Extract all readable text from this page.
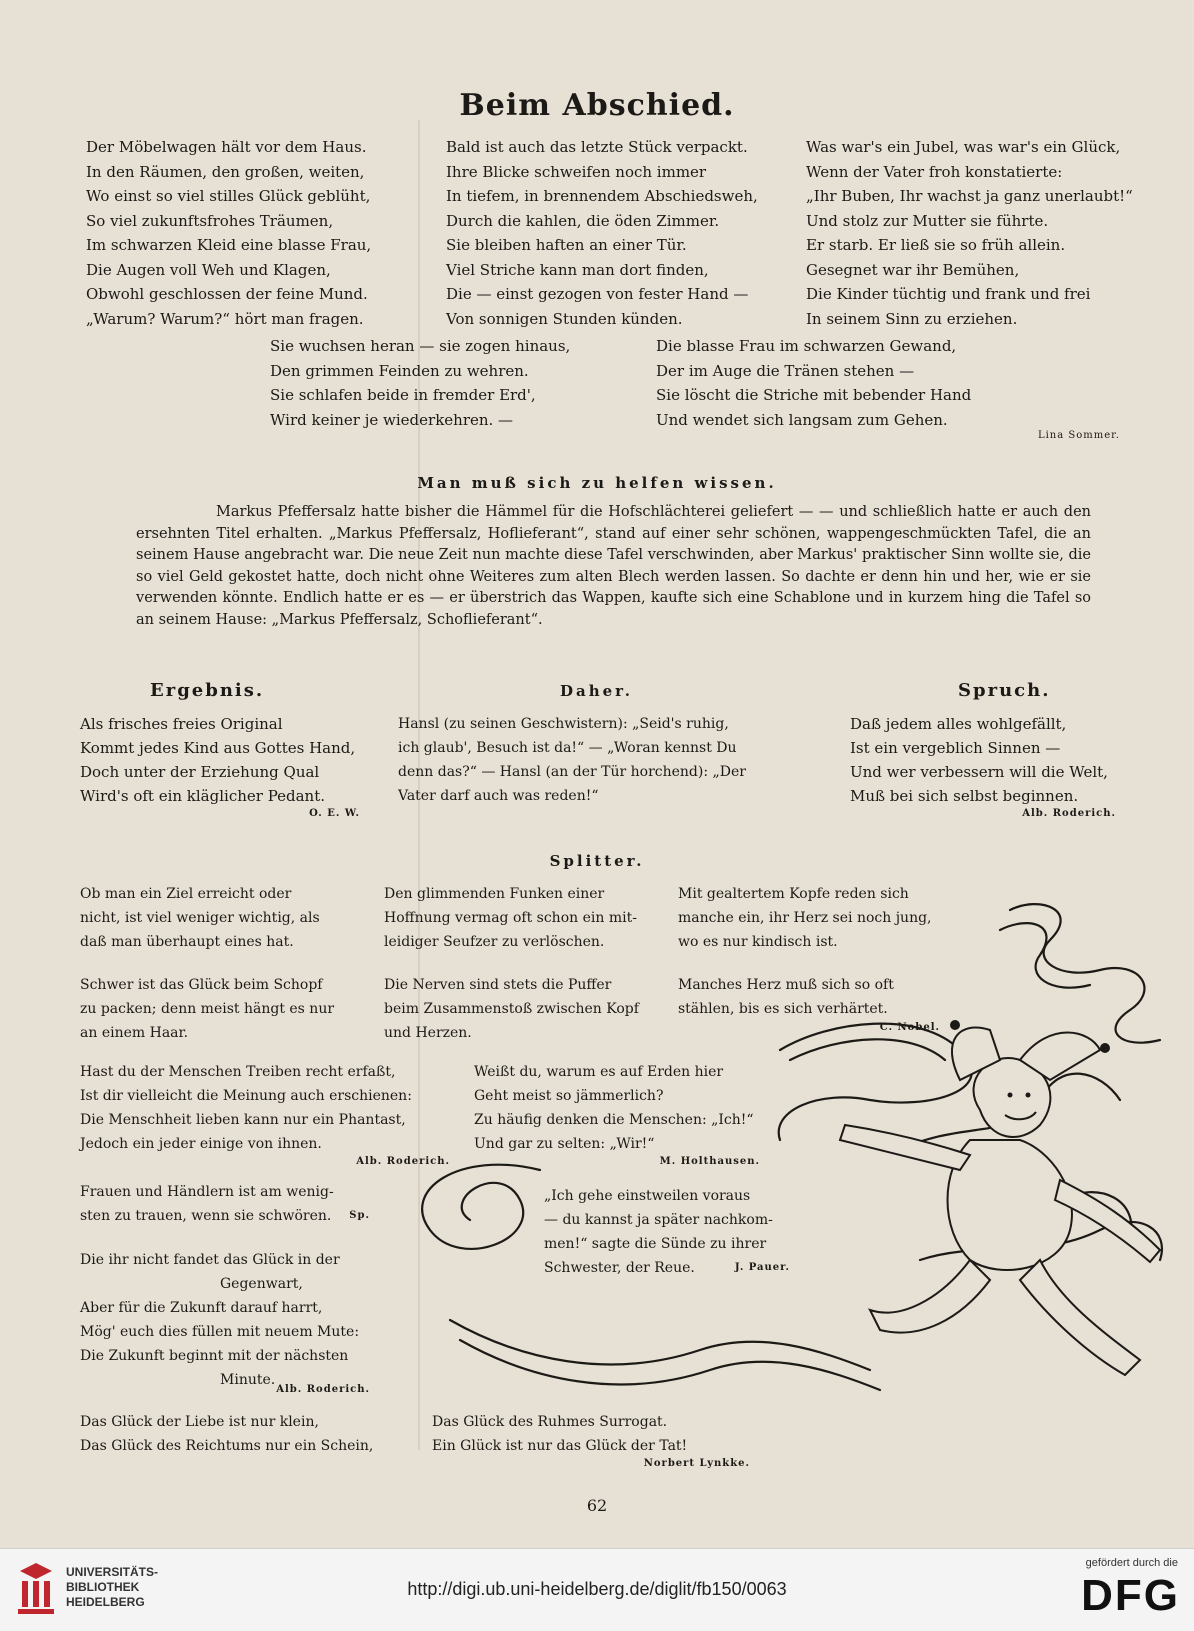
Beim Abschied.
Der Möbelwagen hält vor dem Haus.
In den Räumen, den großen, weiten,
Wo einst so viel stilles Glück geblüht,
So viel zukunftsfrohes Träumen,
Im schwarzen Kleid eine blasse Frau,
Die Augen voll Weh und Klagen,
Obwohl geschlossen der feine Mund.
„Warum? Warum?“ hört man fragen.
Bald ist auch das letzte Stück verpackt.
Ihre Blicke schweifen noch immer
In tiefem, in brennendem Abschiedsweh,
Durch die kahlen, die öden Zimmer.
Sie bleiben haften an einer Tür.
Viel Striche kann man dort finden,
Die — einst gezogen von fester Hand —
Von sonnigen Stunden künden.
Was war's ein Jubel, was war's ein Glück,
Wenn der Vater froh konstatierte:
„Ihr Buben, Ihr wachst ja ganz unerlaubt!“
Und stolz zur Mutter sie führte.
Er starb. Er ließ sie so früh allein.
Gesegnet war ihr Bemühen,
Die Kinder tüchtig und frank und frei
In seinem Sinn zu erziehen.
Sie wuchsen heran — sie zogen hinaus,
Den grimmen Feinden zu wehren.
Sie schlafen beide in fremder Erd',
Wird keiner je wiederkehren. —
Die blasse Frau im schwarzen Gewand,
Der im Auge die Tränen stehen —
Sie löscht die Striche mit bebender Hand
Und wendet sich langsam zum Gehen.
Lina Sommer.
Man muß sich zu helfen wissen.

Markus Pfeffersalz hatte bisher die Hämmel für die Hofschlächterei geliefert — — und schließlich hatte er auch den ersehnten Titel erhalten. „Markus Pfeffersalz, Hoflieferant“, stand auf einer sehr schönen, wappengeschmückten Tafel, die an seinem Hause angebracht war. Die neue Zeit nun machte diese Tafel verschwinden, aber Markus' praktischer Sinn wollte sie, die so viel Geld gekostet hatte, doch nicht ohne Weiteres zum alten Blech werden lassen. So dachte er denn hin und her, wie er sie verwenden könnte. Endlich hatte er es — er überstrich das Wappen, kaufte sich eine Schablone und in kurzem hing die Tafel so an seinem Hause: „Markus Pfeffersalz, Schoflieferant“.

Ergebnis.
Als frisches freies Original
Kommt jedes Kind aus Gottes Hand,
Doch unter der Erziehung Qual
Wird's oft ein kläglicher Pedant.
O. E. W.
Daher.
Hansl (zu seinen Geschwistern): „Seid's ruhig,
ich glaub', Besuch ist da!“ — „Woran kennst Du
denn das?“ — Hansl (an der Tür horchend): „Der
Vater darf auch was reden!“
Spruch.
Daß jedem alles wohlgefällt,
Ist ein vergeblich Sinnen —
Und wer verbessern will die Welt,
Muß bei sich selbst beginnen.
Alb. Roderich.
Splitter.
Ob man ein Ziel erreicht oder
nicht, ist viel weniger wichtig, als
daß man überhaupt eines hat.
Den glimmenden Funken einer
Hoffnung vermag oft schon ein mit-
leidiger Seufzer zu verlöschen.
Mit gealtertem Kopfe reden sich
manche ein, ihr Herz sei noch jung,
wo es nur kindisch ist.
Schwer ist das Glück beim Schopf
zu packen; denn meist hängt es nur
an einem Haar.
Die Nerven sind stets die Puffer
beim Zusammenstoß zwischen Kopf
und Herzen.
Manches Herz muß sich so oft
stählen, bis es sich verhärtet.
C. Nobel.
Hast du der Menschen Treiben recht erfaßt,
Ist dir vielleicht die Meinung auch erschienen:
Die Menschheit lieben kann nur ein Phantast,
Jedoch ein jeder einige von ihnen.
Alb. Roderich.
Weißt du, warum es auf Erden hier
Geht meist so jämmerlich?
Zu häufig denken die Menschen: „Ich!“
Und gar zu selten: „Wir!“
M. Holthausen.
Frauen und Händlern ist am wenig-
sten zu trauen, wenn sie schwören.	Sp.
„Ich gehe einstweilen voraus
— du kannst ja später nachkom-
men!“ sagte die Sünde zu ihrer
Schwester, der Reue.	J. Pauer.
Die ihr nicht fandet das Glück in der
Gegenwart,
Aber für die Zukunft darauf harrt,
Mög' euch dies füllen mit neuem Mute:
Die Zukunft beginnt mit der nächsten
Minute.
Alb. Roderich.
Das Glück der Liebe ist nur klein,
Das Glück des Reichtums nur ein Schein,
Das Glück des Ruhmes Surrogat.
Ein Glück ist nur das Glück der Tat!
Norbert Lynkke.
62
UNIVERSITÄTS-
BIBLIOTHEK
HEIDELBERG
http://digi.ub.uni-heidelberg.de/diglit/fb150/0063
gefördert durch die
DFG
